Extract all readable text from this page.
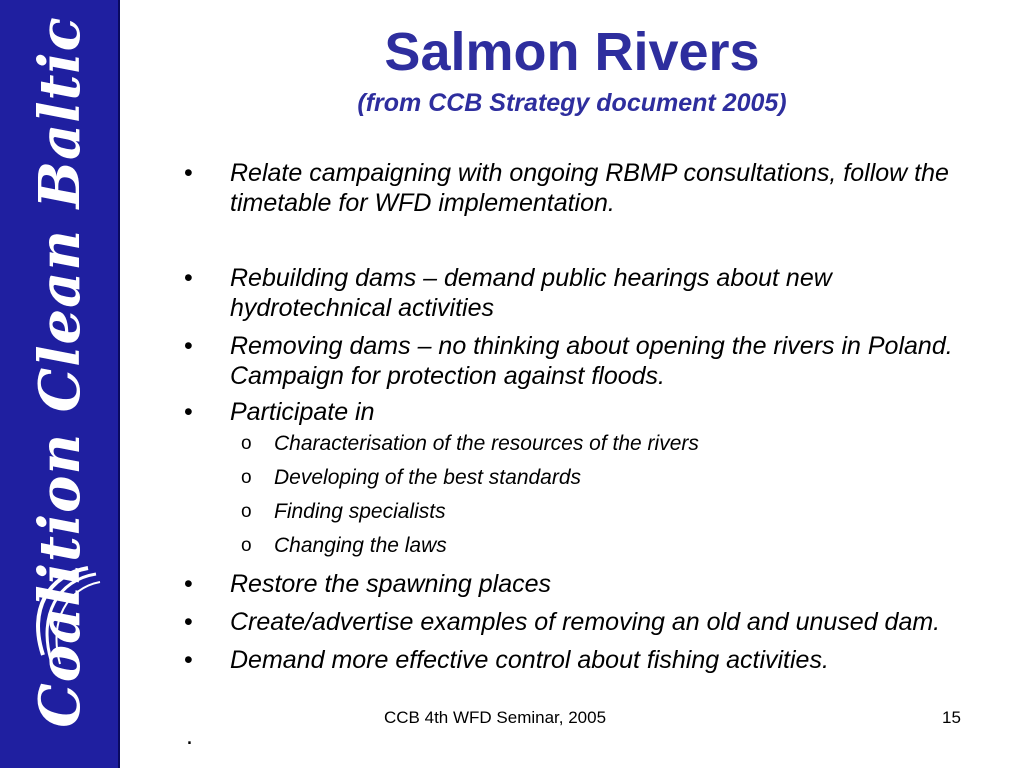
Coalition Clean Baltic	Salmon Rivers
(from CCB Strategy document 2005)
• Relate campaigning with ongoing RBMP consultations, follow the timetable for WFD implementation.
• Rebuilding dams – demand public hearings about new hydrotechnical activities
• Removing dams – no thinking about opening the rivers in Poland. Campaign for protection against floods.
• Participate in
o Characterisation of the resources of the rivers
o Developing of the best standards
o Finding specialists
o Changing the laws
• Restore the spawning places
• Create/advertise examples of removing an old and unused dam.
• Demand more effective control about fishing activities.
CCB 4th WFD Seminar, 2005	15
.
